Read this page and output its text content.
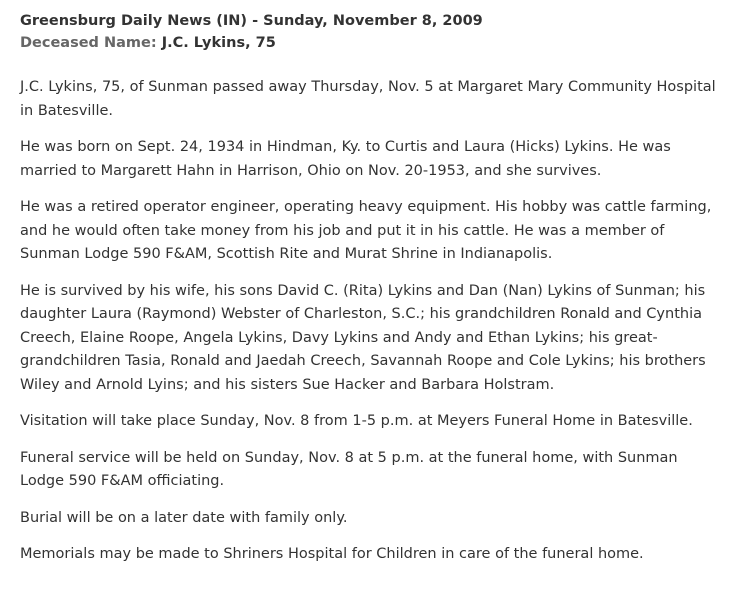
Greensburg Daily News (IN) - Sunday, November 8, 2009
Deceased Name: J.C. Lykins, 75

J.C. Lykins, 75, of Sunman passed away Thursday, Nov. 5 at Margaret Mary Community Hospital in Batesville.

He was born on Sept. 24, 1934 in Hindman, Ky. to Curtis and Laura (Hicks) Lykins. He was married to Margarett Hahn in Harrison, Ohio on Nov. 20-1953, and she survives.

He was a retired operator engineer, operating heavy equipment. His hobby was cattle farming, and he would often take money from his job and put it in his cattle. He was a member of Sunman Lodge 590 F&AM, Scottish Rite and Murat Shrine in Indianapolis.

He is survived by his wife, his sons David C. (Rita) Lykins and Dan (Nan) Lykins of Sunman; his daughter Laura (Raymond) Webster of Charleston, S.C.; his grandchildren Ronald and Cynthia Creech, Elaine Roope, Angela Lykins, Davy Lykins and Andy and Ethan Lykins; his great-grandchildren Tasia, Ronald and Jaedah Creech, Savannah Roope and Cole Lykins; his brothers Wiley and Arnold Lyins; and his sisters Sue Hacker and Barbara Holstram.

Visitation will take place Sunday, Nov. 8 from 1-5 p.m. at Meyers Funeral Home in Batesville.

Funeral service will be held on Sunday, Nov. 8 at 5 p.m. at the funeral home, with Sunman Lodge 590 F&AM officiating.

Burial will be on a later date with family only.

Memorials may be made to Shriners Hospital for Children in care of the funeral home.
